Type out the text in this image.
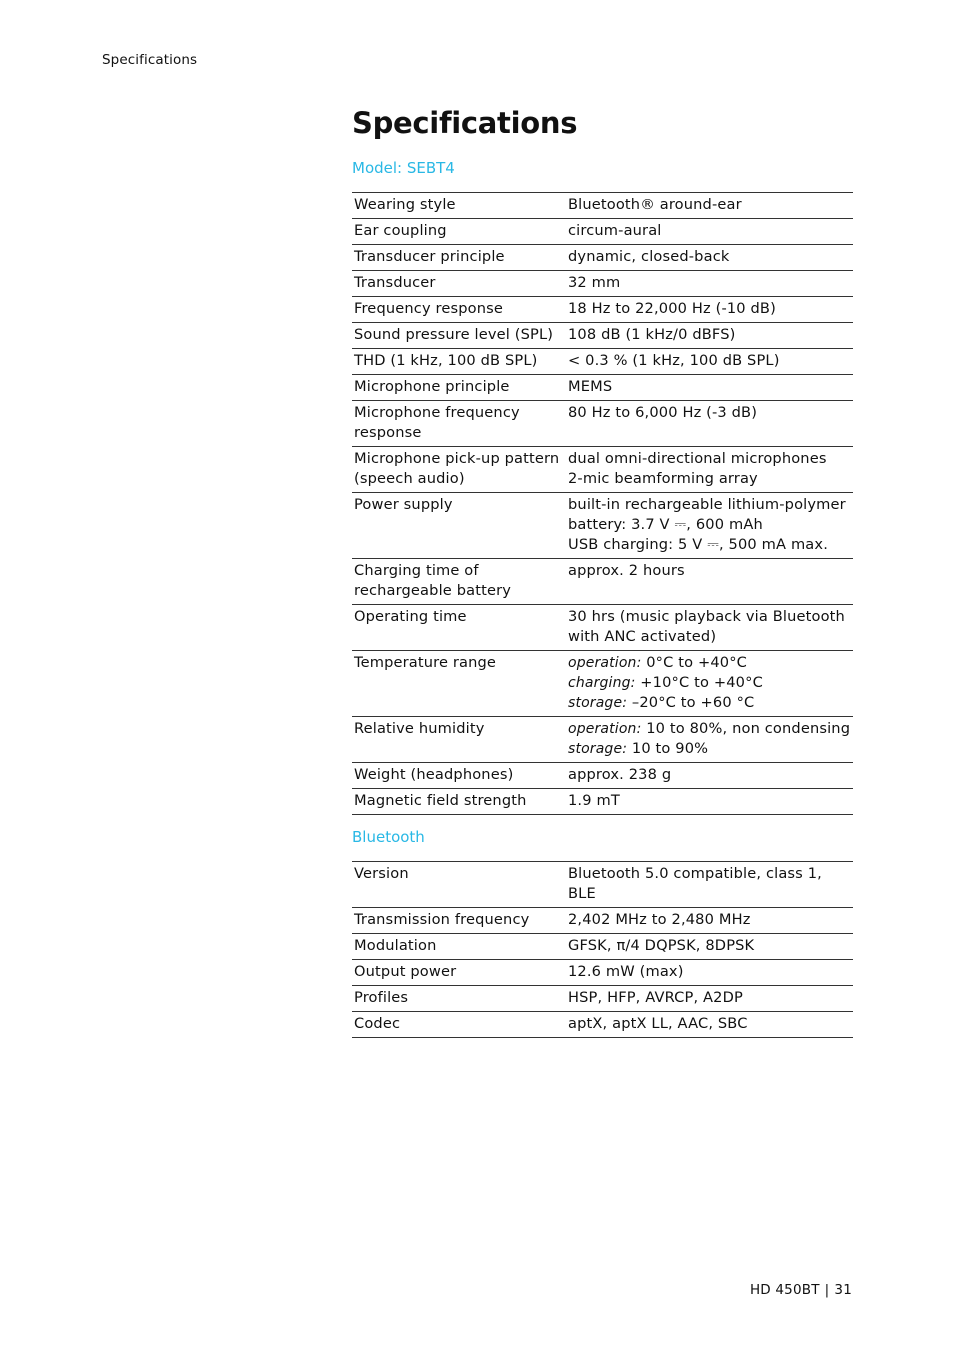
Specifications
Specifications
Model: SEBT4
Wearing style	Bluetooth® around-ear
Ear coupling	circum-aural
Transducer principle	dynamic, closed-back
Transducer	32 mm
Frequency response	18 Hz to 22,000 Hz (-10 dB)
Sound pressure level (SPL)	108 dB (1 kHz/0 dBFS)
THD (1 kHz, 100 dB SPL)	< 0.3 % (1 kHz, 100 dB SPL)
Microphone principle	MEMS
Microphone frequency response	80 Hz to 6,000 Hz (-3 dB)
Microphone pick-up pattern (speech audio)	dual omni-directional microphones
2-mic beamforming array

Power supply	built-in rechargeable lithium-polymer
battery: 3.7 V ⎓, 600 mAh
USB charging: 5 V ⎓, 500 mA max.

Charging time of rechargeable battery	approx. 2 hours
Operating time	30 hrs (music playback via Bluetooth with ANC activated)
Temperature range	operation: 0°C to +40°C
charging: +10°C to +40°C
storage: –20°C to +60 °C

Relative humidity	operation: 10 to 80%, non condensing
storage: 10 to 90%

Weight (headphones)	approx. 238 g
Magnetic field strength	1.9 mT
Bluetooth
Version	Bluetooth 5.0 compatible, class 1, BLE
Transmission frequency	2,402 MHz to 2,480 MHz
Modulation	GFSK, π/4 DQPSK, 8DPSK
Output power	12.6 mW (max)
Profiles	HSP, HFP, AVRCP, A2DP
Codec	aptX, aptX LL, AAC, SBC
HD 450BT | 31
